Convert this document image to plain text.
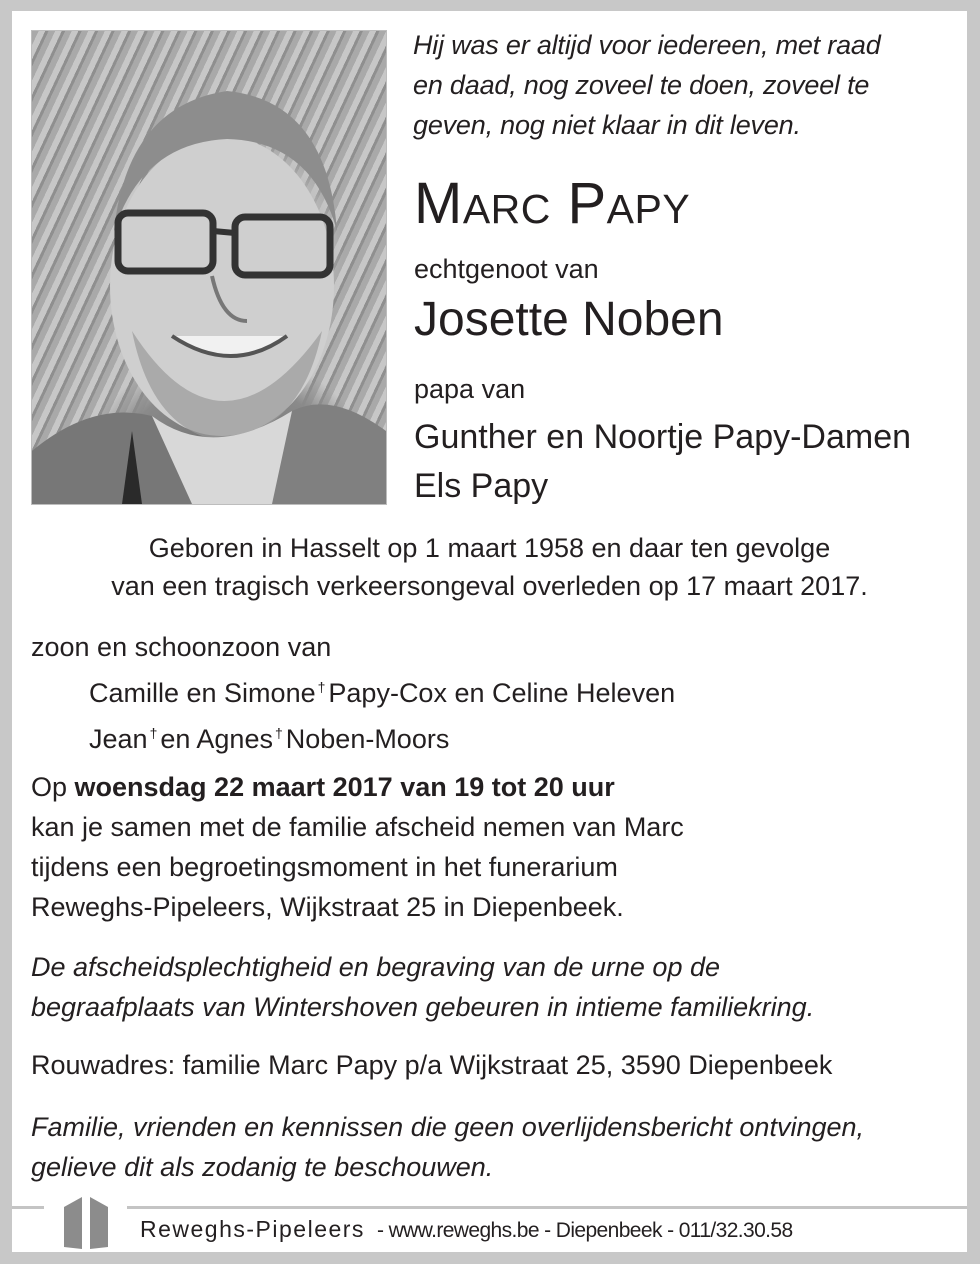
Hij was er altijd voor iedereen, met raad
en daad, nog zoveel te doen, zoveel te
geven, nog niet klaar in dit leven.
Marc Papy
echtgenoot van
Josette Noben
papa van
Gunther en Noortje Papy-Damen
Els Papy
Geboren in Hasselt op 1 maart 1958 en daar ten gevolge
van een tragisch verkeersongeval overleden op 17 maart 2017.
zoon en schoonzoon van
Camille en Simone † Papy-Cox en Celine Heleven
Jean † en Agnes † Noben-Moors
Op woensdag 22 maart 2017 van 19 tot 20 uur
kan je samen met de familie afscheid nemen van Marc
tijdens een begroetingsmoment in het funerarium
Reweghs-Pipeleers, Wijkstraat 25 in Diepenbeek.
De afscheidsplechtigheid en begraving van de urne op de
begraafplaats van Wintershoven gebeuren in intieme familiekring.
Rouwadres: familie Marc Papy p/a Wijkstraat 25, 3590 Diepenbeek
Familie, vrienden en kennissen die geen overlijdensbericht ontvingen,
gelieve dit als zodanig te beschouwen.
Reweghs-Pipeleers - www.reweghs.be - Diepenbeek - 011/32.30.58
